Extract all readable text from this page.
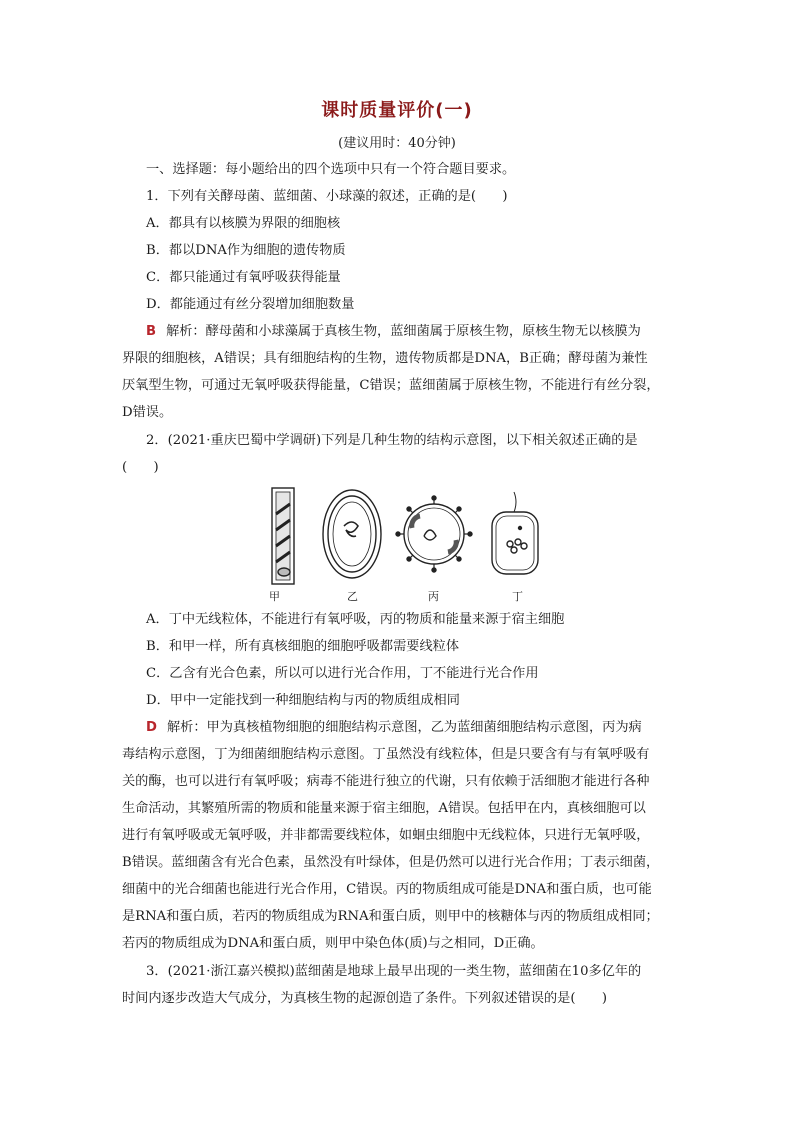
课时质量评价(一)
(建议用时：40分钟)
一、选择题：每小题给出的四个选项中只有一个符合题目要求。
1．下列有关酵母菌、蓝细菌、小球藻的叙述，正确的是(　　)
A．都具有以核膜为界限的细胞核
B．都以DNA作为细胞的遗传物质
C．都只能通过有氧呼吸获得能量
D．都能通过有丝分裂增加细胞数量
B 解析：酵母菌和小球藻属于真核生物，蓝细菌属于原核生物，原核生物无以核膜为
界限的细胞核，A错误；具有细胞结构的生物，遗传物质都是DNA，B正确；酵母菌为兼性
厌氧型生物，可通过无氧呼吸获得能量，C错误；蓝细菌属于原核生物，不能进行有丝分裂，
D错误。
2．(2021·重庆巴蜀中学调研)下列是几种生物的结构示意图，以下相关叙述正确的是
(　　)
甲	乙	丙	丁
A．丁中无线粒体，不能进行有氧呼吸，丙的物质和能量来源于宿主细胞
B．和甲一样，所有真核细胞的细胞呼吸都需要线粒体
C．乙含有光合色素，所以可以进行光合作用，丁不能进行光合作用
D．甲中一定能找到一种细胞结构与丙的物质组成相同
D 解析：甲为真核植物细胞的细胞结构示意图，乙为蓝细菌细胞结构示意图，丙为病
毒结构示意图，丁为细菌细胞结构示意图。丁虽然没有线粒体，但是只要含有与有氧呼吸有
关的酶，也可以进行有氧呼吸；病毒不能进行独立的代谢，只有依赖于活细胞才能进行各种
生命活动，其繁殖所需的物质和能量来源于宿主细胞，A错误。包括甲在内，真核细胞可以
进行有氧呼吸或无氧呼吸，并非都需要线粒体，如蛔虫细胞中无线粒体，只进行无氧呼吸，
B错误。蓝细菌含有光合色素，虽然没有叶绿体，但是仍然可以进行光合作用；丁表示细菌，
细菌中的光合细菌也能进行光合作用，C错误。丙的物质组成可能是DNA和蛋白质，也可能
是RNA和蛋白质，若丙的物质组成为RNA和蛋白质，则甲中的核糖体与丙的物质组成相同；
若丙的物质组成为DNA和蛋白质，则甲中染色体(质)与之相同，D正确。
3．(2021·浙江嘉兴模拟)蓝细菌是地球上最早出现的一类生物，蓝细菌在10多亿年的
时间内逐步改造大气成分，为真核生物的起源创造了条件。下列叙述错误的是(　　)
